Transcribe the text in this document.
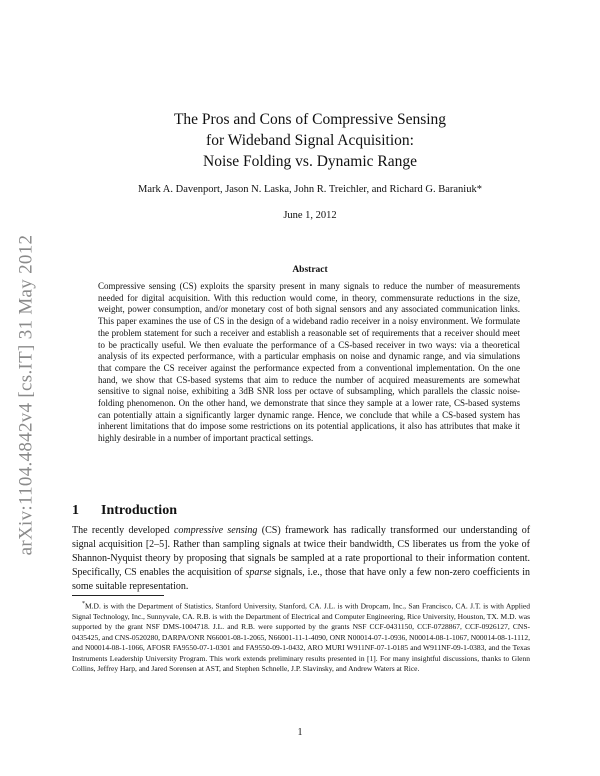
arXiv:1104.4842v4 [cs.IT] 31 May 2012
The Pros and Cons of Compressive Sensing
for Wideband Signal Acquisition:
Noise Folding vs. Dynamic Range
Mark A. Davenport, Jason N. Laska, John R. Treichler, and Richard G. Baraniuk*
June 1, 2012
Abstract
Compressive sensing (CS) exploits the sparsity present in many signals to reduce the number of measurements needed for digital acquisition. With this reduction would come, in theory, commensurate reductions in the size, weight, power consumption, and/or monetary cost of both signal sensors and any associated communication links. This paper examines the use of CS in the design of a wideband radio receiver in a noisy environment. We formulate the problem statement for such a receiver and establish a reasonable set of requirements that a receiver should meet to be practically useful. We then evaluate the performance of a CS-based receiver in two ways: via a theoretical analysis of its expected performance, with a particular emphasis on noise and dynamic range, and via simulations that compare the CS receiver against the performance expected from a conventional implementation. On the one hand, we show that CS-based systems that aim to reduce the number of acquired measurements are somewhat sensitive to signal noise, exhibiting a 3dB SNR loss per octave of subsampling, which parallels the classic noise-folding phenomenon. On the other hand, we demonstrate that since they sample at a lower rate, CS-based systems can potentially attain a significantly larger dynamic range. Hence, we conclude that while a CS-based system has inherent limitations that do impose some restrictions on its potential applications, it also has attributes that make it highly desirable in a number of important practical settings.
1 Introduction
The recently developed compressive sensing (CS) framework has radically transformed our understanding of signal acquisition [2–5]. Rather than sampling signals at twice their bandwidth, CS liberates us from the yoke of Shannon-Nyquist theory by proposing that signals be sampled at a rate proportional to their information content. Specifically, CS enables the acquisition of sparse signals, i.e., those that have only a few non-zero coefficients in some suitable representation.
*M.D. is with the Department of Statistics, Stanford University, Stanford, CA. J.L. is with Dropcam, Inc., San Francisco, CA. J.T. is with Applied Signal Technology, Inc., Sunnyvale, CA. R.B. is with the Department of Electrical and Computer Engineering, Rice University, Houston, TX. M.D. was supported by the grant NSF DMS-1004718. J.L. and R.B. were supported by the grants NSF CCF-0431150, CCF-0728867, CCF-0926127, CNS-0435425, and CNS-0520280, DARPA/ONR N66001-08-1-2065, N66001-11-1-4090, ONR N00014-07-1-0936, N00014-08-1-1067, N00014-08-1-1112, and N00014-08-1-1066, AFOSR FA9550-07-1-0301 and FA9550-09-1-0432, ARO MURI W911NF-07-1-0185 and W911NF-09-1-0383, and the Texas Instruments Leadership University Program. This work extends preliminary results presented in [1]. For many insightful discussions, thanks to Glenn Collins, Jeffrey Harp, and Jared Sorensen at AST, and Stephen Schnelle, J.P. Slavinsky, and Andrew Waters at Rice.
1
